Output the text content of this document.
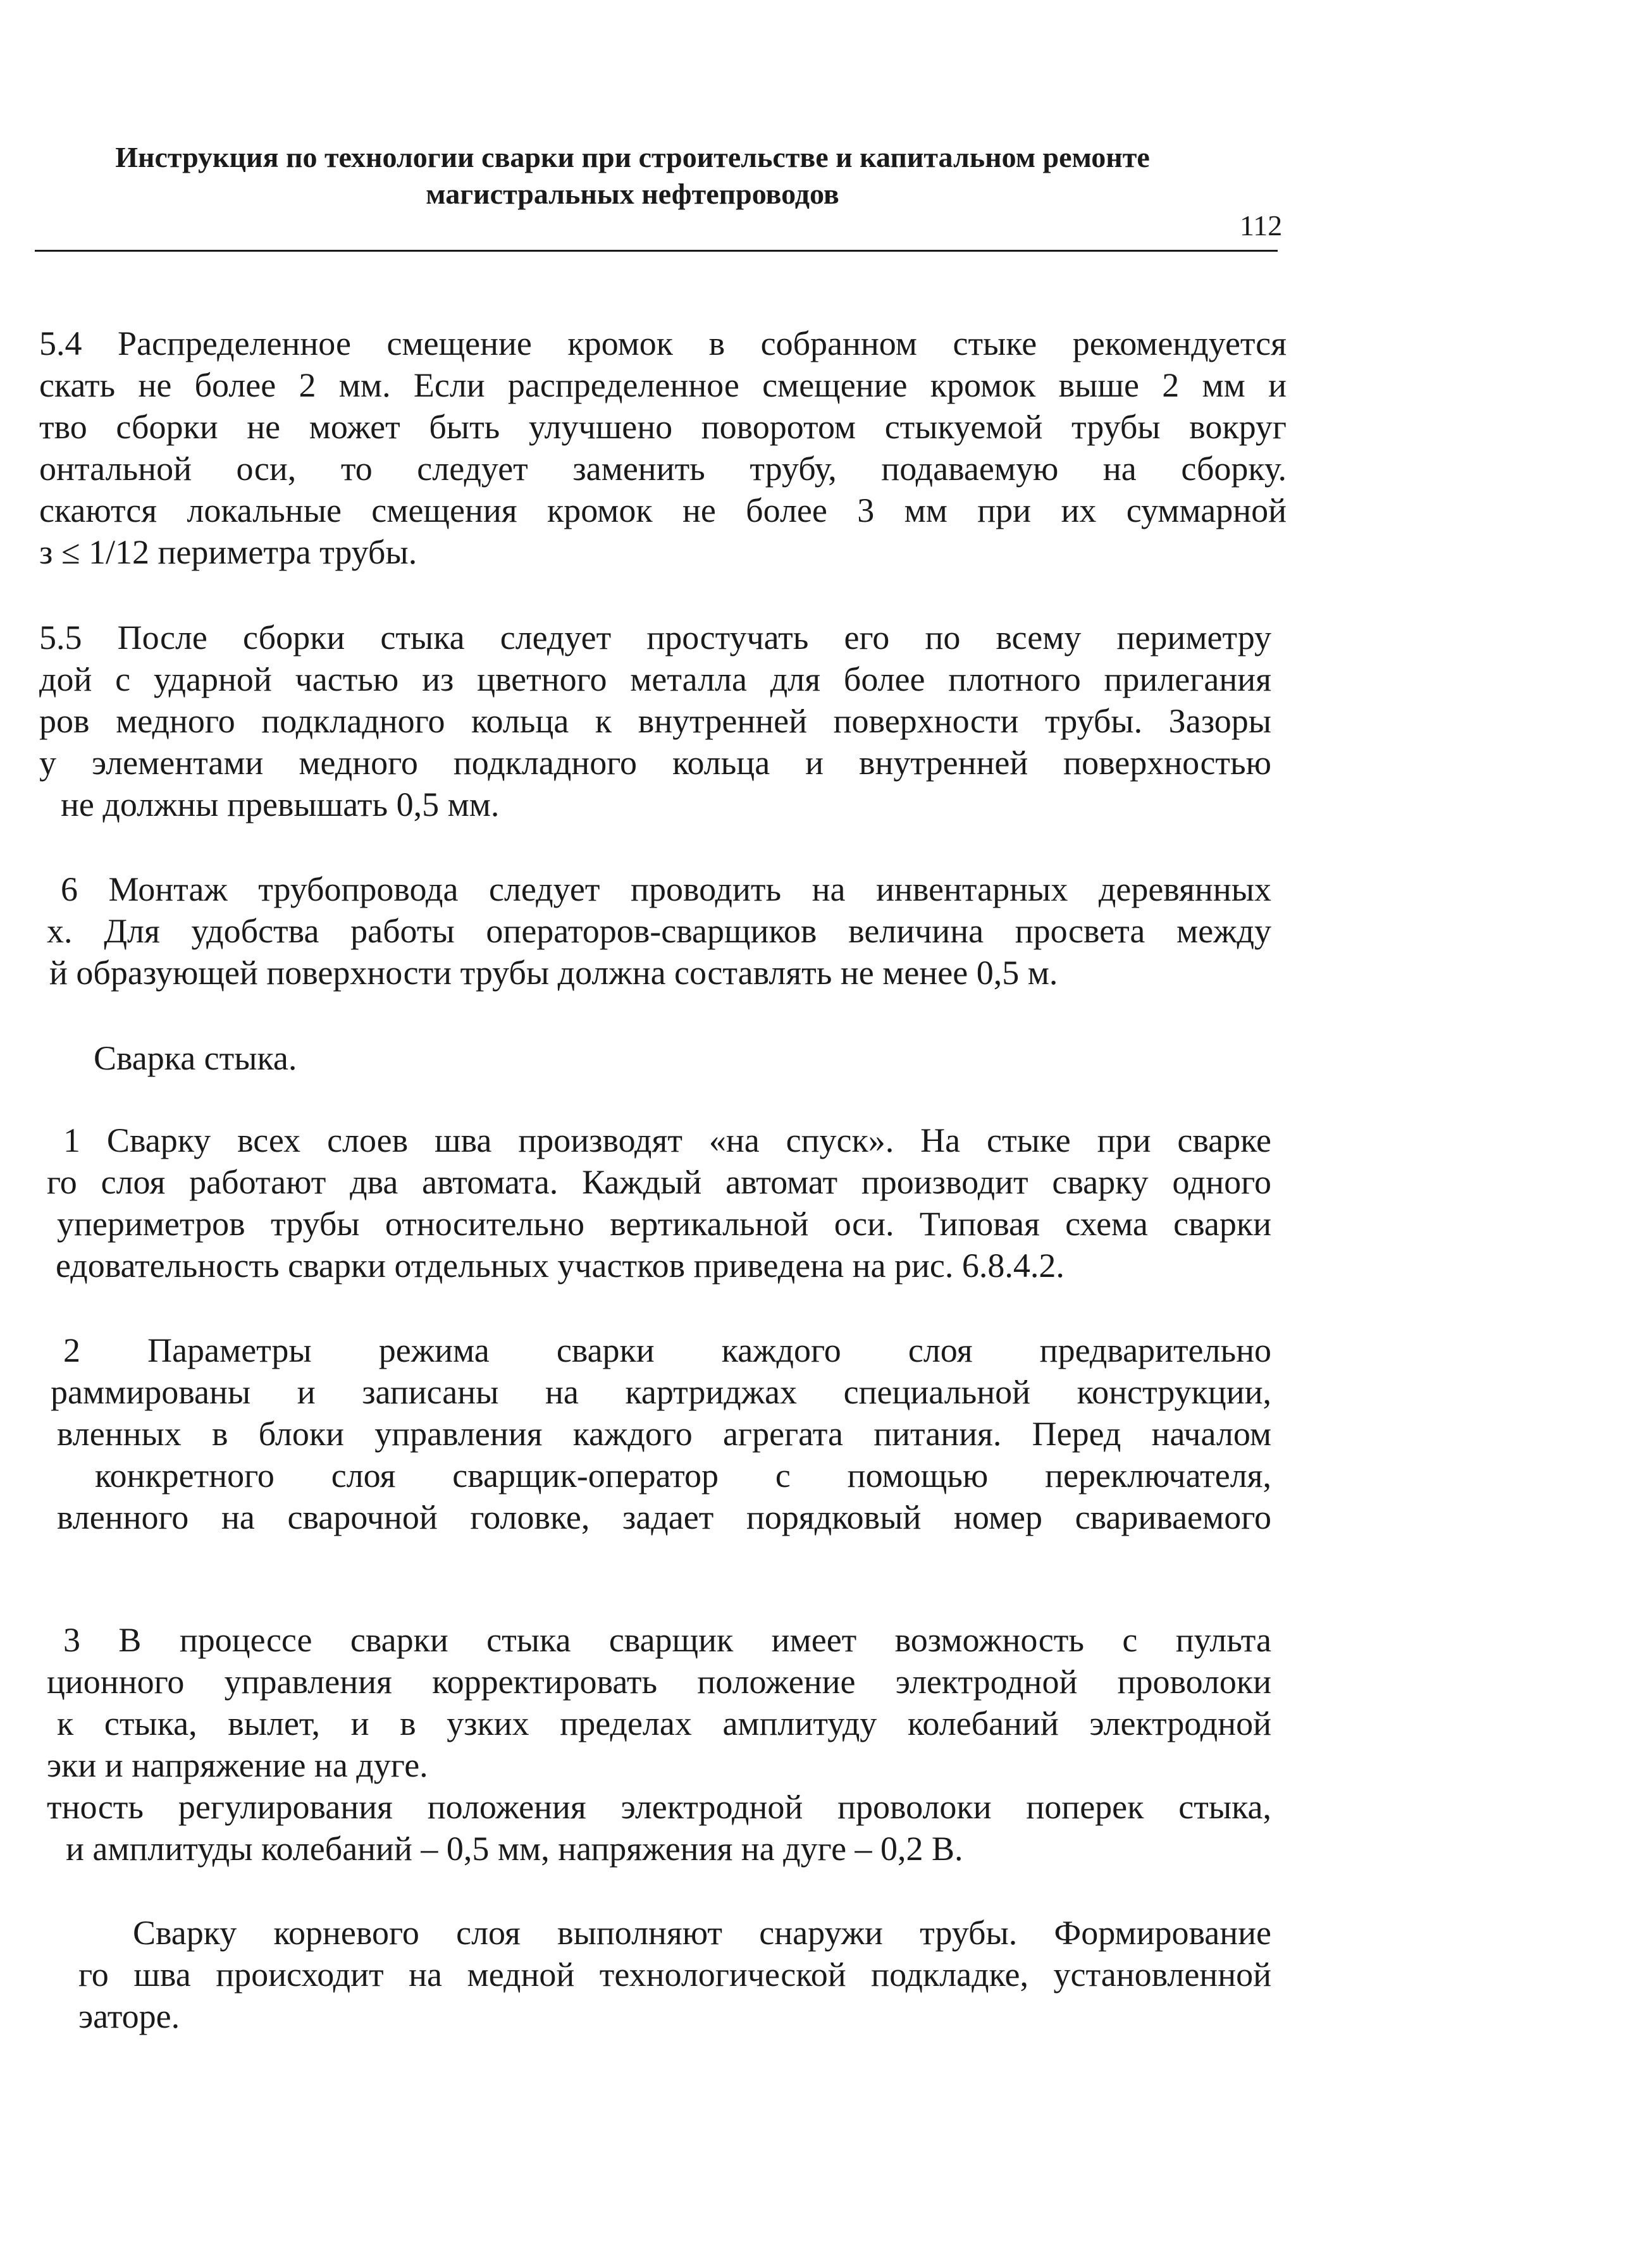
Инструкция по технологии сварки при строительстве и капитальном ремонте
магистральных нефтепроводов
112
5.4 Распределенное смещение кромок в собранном стыке рекомендуется
скать не более 2 мм. Если распределенное смещение кромок выше 2 мм и
тво сборки не может быть улучшено поворотом стыкуемой трубы вокруг
онтальной оси, то следует заменить трубу, подаваемую на сборку.
скаются локальные смещения кромок не более 3 мм при их суммарной
з ≤ 1/12 периметра трубы.
5.5 После сборки стыка следует простучать его по всему периметру
дой с ударной частью из цветного металла для более плотного прилегания
ров медного подкладного кольца к внутренней поверхности трубы. Зазоры
у элементами медного подкладного кольца и внутренней поверхностью
не должны превышать 0,5 мм.
6 Монтаж трубопровода следует проводить на инвентарных деревянных
х. Для удобства работы операторов-сварщиков величина просвета между
й образующей поверхности трубы должна составлять не менее 0,5 м.
Сварка стыка.
1 Сварку всех слоев шва производят «на спуск». На стыке при сварке
го слоя работают два автомата. Каждый автомат производит сварку одного
упериметров трубы относительно вертикальной оси. Типовая схема сварки
едовательность сварки отдельных участков приведена на рис. 6.8.4.2.
2 Параметры режима сварки каждого слоя предварительно
раммированы и записаны на картриджах специальной конструкции,
вленных в блоки управления каждого агрегата питания. Перед началом
конкретного слоя сварщик-оператор с помощью переключателя,
вленного на сварочной головке, задает порядковый номер свариваемого
3 В процессе сварки стыка сварщик имеет возможность с пульта
ционного управления корректировать положение электродной проволоки
к стыка, вылет, и в узких пределах амплитуду колебаний электродной
эки и напряжение на дуге.
тность регулирования положения электродной проволоки поперек стыка,
и амплитуды колебаний – 0,5 мм, напряжения на дуге – 0,2 В.
Сварку корневого слоя выполняют снаружи трубы. Формирование
го шва происходит на медной технологической подкладке, установленной
эаторе.
